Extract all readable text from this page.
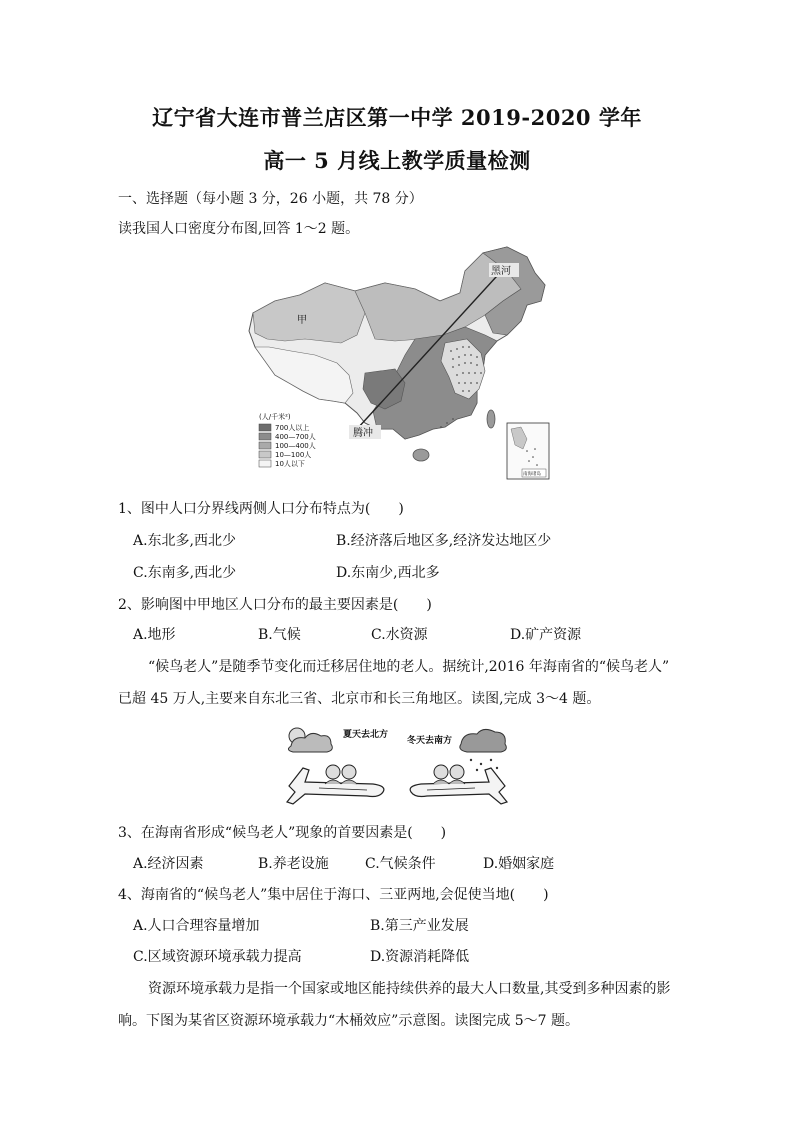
辽宁省大连市普兰店区第一中学 2019-2020 学年
高一 5 月线上教学质量检测
一、选择题（每小题 3 分，26 小题，共 78 分）
读我国人口密度分布图,回答 1～2 题。
甲
黑河
腾冲
(人/千米²)
700人以上
400—700人
100—400人
10—100人
10人以下
南海诸岛
1、图中人口分界线两侧人口分布特点为(　　)
A.东北多,西北少	B.经济落后地区多,经济发达地区少
C.东南多,西北少	D.东南少,西北多
2、影响图中甲地区人口分布的最主要因素是(　　)
A.地形	B.气候	C.水资源	D.矿产资源
“候鸟老人”是随季节变化而迁移居住地的老人。据统计,2016 年海南省的“候鸟老人”
已超 45 万人,主要来自东北三省、北京市和长三角地区。读图,完成 3～4 题。
夏天去北方
冬天去南方
3、在海南省形成“候鸟老人”现象的首要因素是(　　)
A.经济因素	B.养老设施	C.气候条件	D.婚姻家庭
4、海南省的“候鸟老人”集中居住于海口、三亚两地,会促使当地(　　)
A.人口合理容量增加	B.第三产业发展
C.区域资源环境承载力提高	D.资源消耗降低
资源环境承载力是指一个国家或地区能持续供养的最大人口数量,其受到多种因素的影
响。下图为某省区资源环境承载力“木桶效应”示意图。读图完成 5～7 题。
